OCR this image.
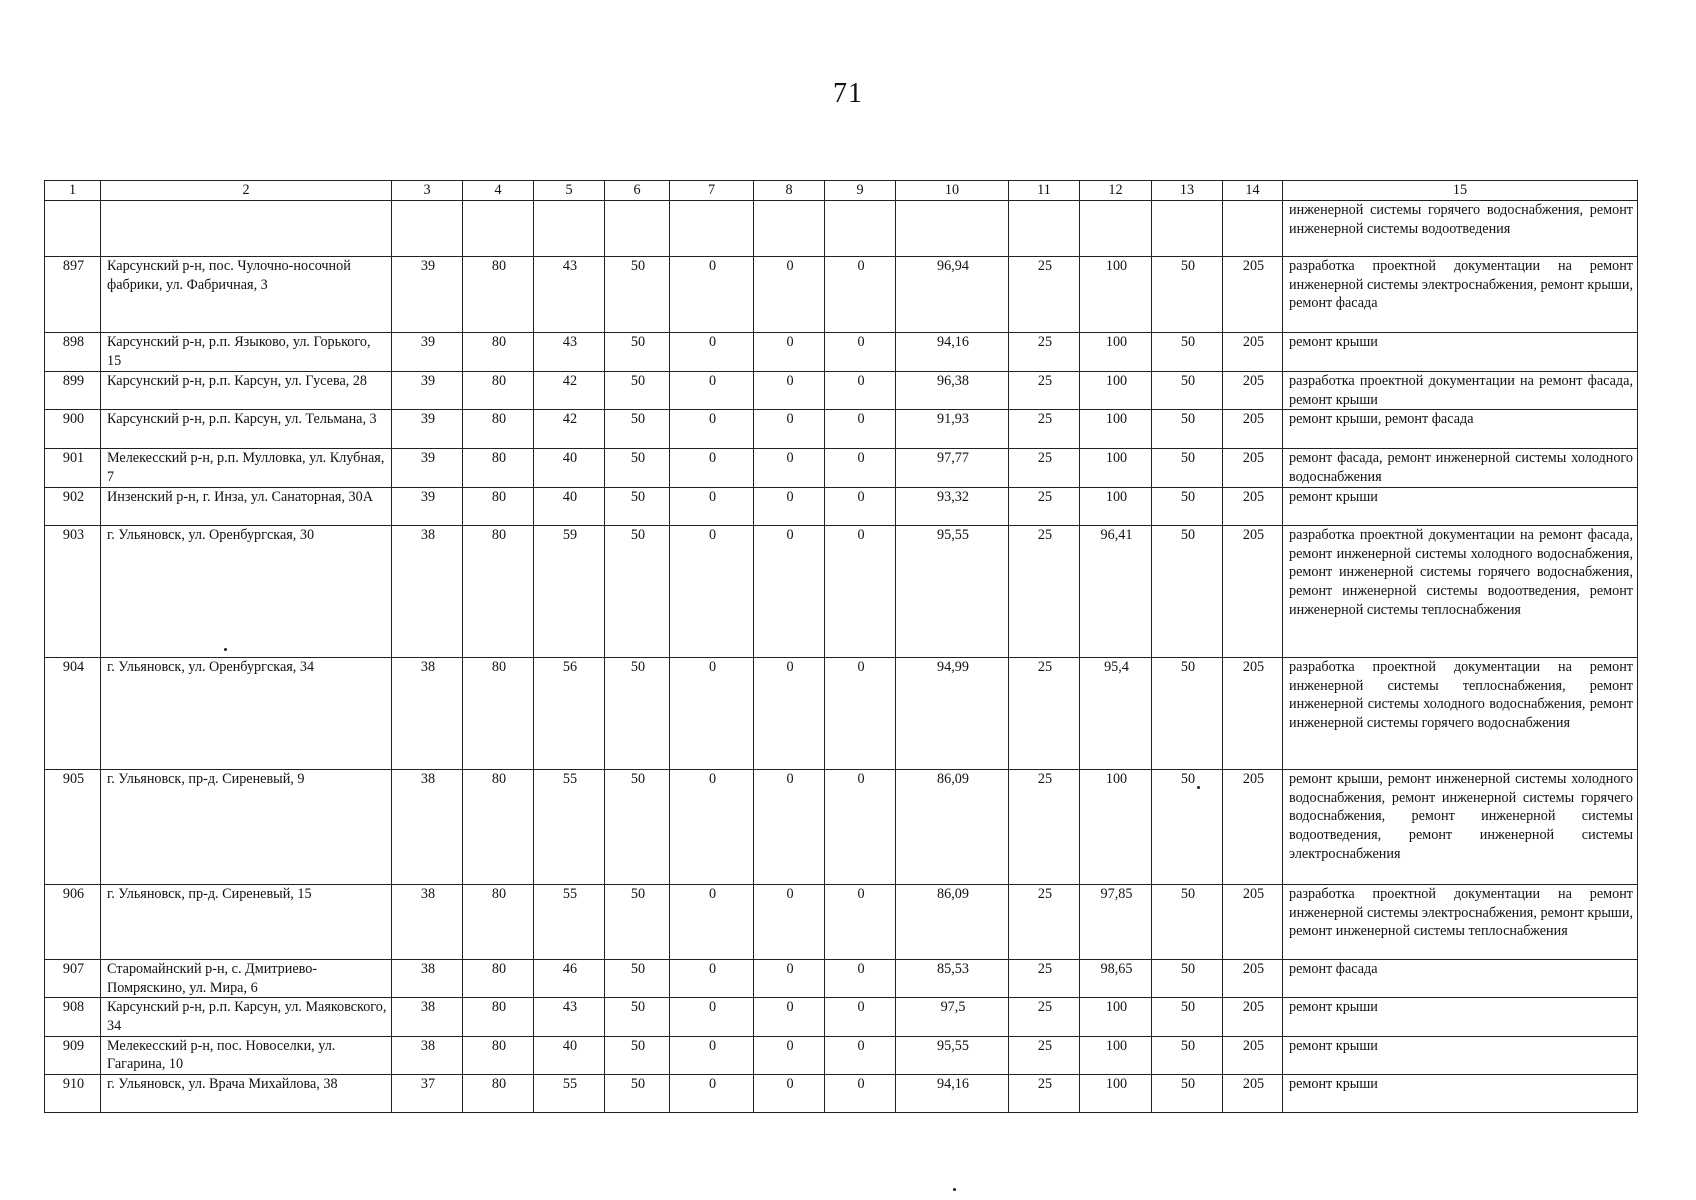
71
1	2	3	4	5	6	7	8	9	10	11	12	13	14	15
														инженерной системы горячего водоснабжения, ремонт инженерной системы водоотведения
897	Карсунский р-н, пос. Чулочно-носочной фабрики, ул. Фабричная, 3	39	80	43	50	0	0	0	96,94	25	100	50	205	разработка проектной документации на ремонт инженерной системы электроснабжения, ремонт крыши, ремонт фасада
898	Карсунский р-н, р.п. Языково, ул. Горького, 15	39	80	43	50	0	0	0	94,16	25	100	50	205	ремонт крыши
899	Карсунский р-н, р.п. Карсун, ул. Гусева, 28	39	80	42	50	0	0	0	96,38	25	100	50	205	разработка проектной документации на ремонт фасада, ремонт крыши
900	Карсунский р-н, р.п. Карсун, ул. Тельмана, 3	39	80	42	50	0	0	0	91,93	25	100	50	205	ремонт крыши, ремонт фасада
901	Мелекесский р-н, р.п. Мулловка, ул. Клубная, 7	39	80	40	50	0	0	0	97,77	25	100	50	205	ремонт фасада, ремонт инженерной системы холодного водоснабжения
902	Инзенский р-н, г. Инза, ул. Санаторная, 30А	39	80	40	50	0	0	0	93,32	25	100	50	205	ремонт крыши
903	г. Ульяновск, ул. Оренбургская, 30	38	80	59	50	0	0	0	95,55	25	96,41	50	205	разработка проектной документации на ремонт фасада, ремонт инженерной системы холодного водоснабжения, ремонт инженерной системы горячего водоснабжения, ремонт инженерной системы водоотведения, ремонт инженерной системы теплоснабжения
904	г. Ульяновск, ул. Оренбургская, 34	38	80	56	50	0	0	0	94,99	25	95,4	50	205	разработка проектной документации на ремонт инженерной системы теплоснабжения, ремонт инженерной системы холодного водоснабжения, ремонт инженерной системы горячего водоснабжения
905	г. Ульяновск, пр-д. Сиреневый, 9	38	80	55	50	0	0	0	86,09	25	100	50	205	ремонт крыши, ремонт инженерной системы холодного водоснабжения, ремонт инженерной системы горячего водоснабжения, ремонт инженерной системы водоотведения, ремонт инженерной системы электроснабжения
906	г. Ульяновск, пр-д. Сиреневый, 15	38	80	55	50	0	0	0	86,09	25	97,85	50	205	разработка проектной документации на ремонт инженерной системы электроснабжения, ремонт крыши, ремонт инженерной системы теплоснабжения
907	Старомайнский р-н, с. Дмитриево-Помряскино, ул. Мира, 6	38	80	46	50	0	0	0	85,53	25	98,65	50	205	ремонт фасада
908	Карсунский р-н, р.п. Карсун, ул. Маяковского, 34	38	80	43	50	0	0	0	97,5	25	100	50	205	ремонт крыши
909	Мелекесский р-н, пос. Новоселки, ул. Гагарина, 10	38	80	40	50	0	0	0	95,55	25	100	50	205	ремонт крыши
910	г. Ульяновск, ул. Врача Михайлова, 38	37	80	55	50	0	0	0	94,16	25	100	50	205	ремонт крыши
